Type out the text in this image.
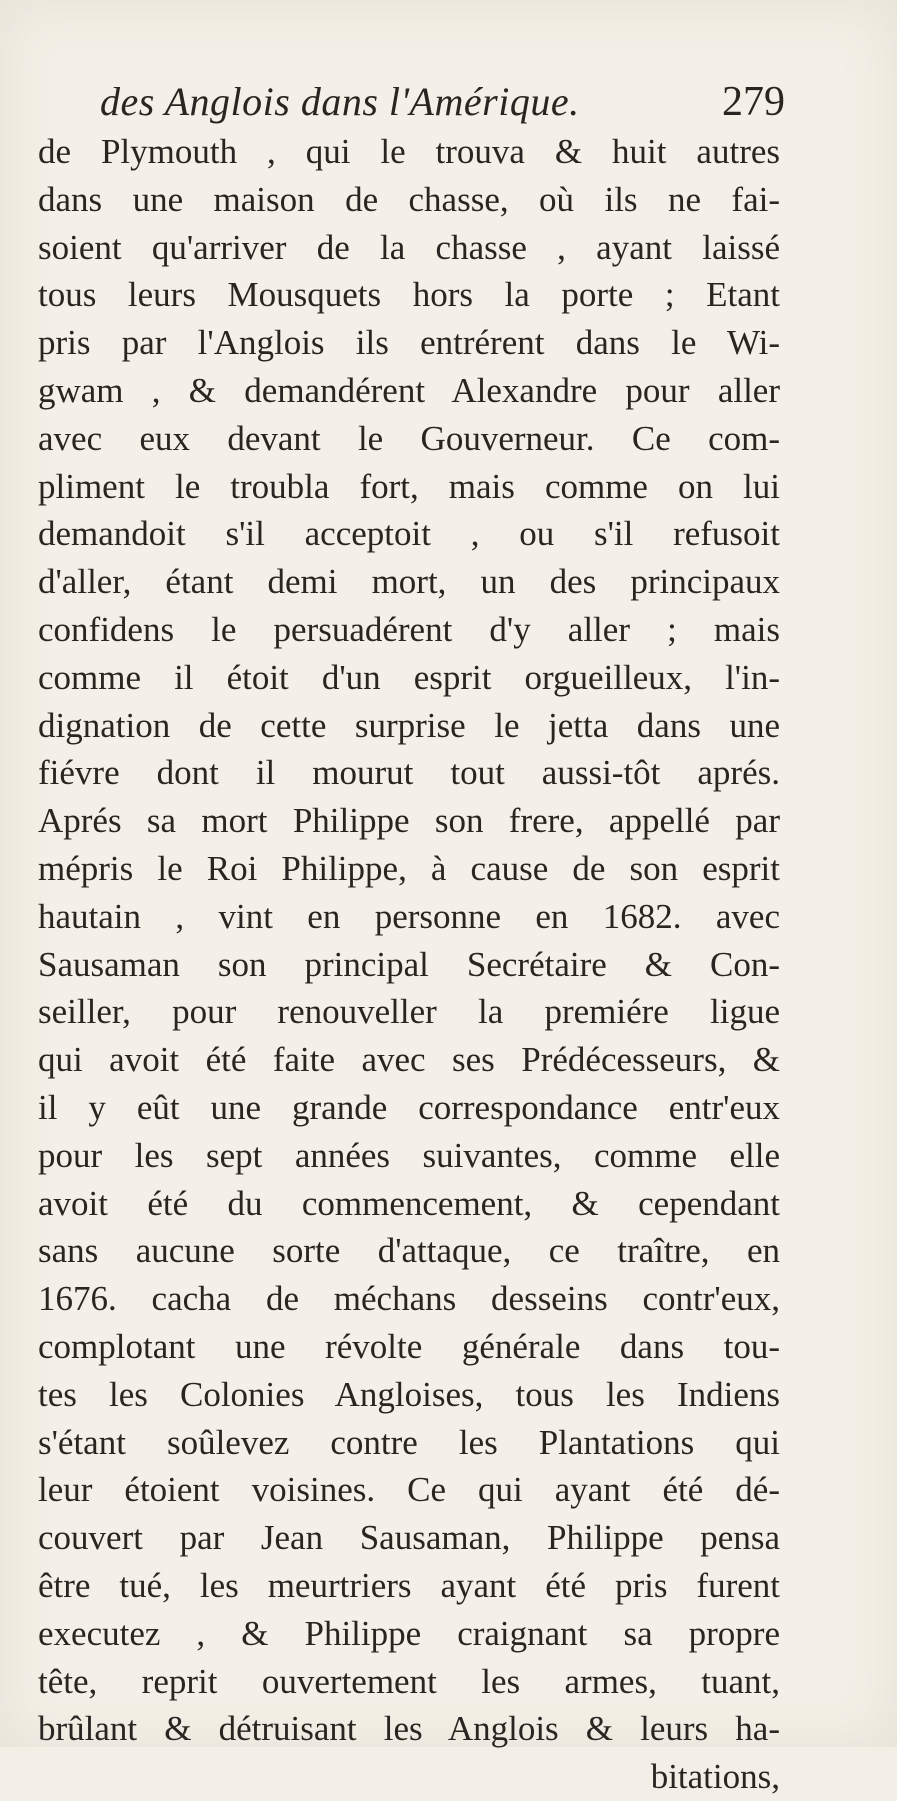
des Anglois dans l'Amérique.	279
de Plymouth , qui le trouva & huit autres
dans une maison de chasse, où ils ne fai-
soient qu'arriver de la chasse , ayant laissé
tous leurs Mousquets hors la porte ; Etant
pris par l'Anglois ils entrérent dans le Wi-
gwam , & demandérent Alexandre pour aller
avec eux devant le Gouverneur. Ce com-
pliment le troubla fort, mais comme on lui
demandoit s'il acceptoit , ou s'il refusoit
d'aller, étant demi mort, un des principaux
confidens le persuadérent d'y aller ; mais
comme il étoit d'un esprit orgueilleux, l'in-
dignation de cette surprise le jetta dans une
fiévre dont il mourut tout aussi-tôt aprés.
Aprés sa mort Philippe son frere, appellé par
mépris le Roi Philippe, à cause de son esprit
hautain , vint en personne en 1682. avec
Sausaman son principal Secrétaire & Con-
seiller, pour renouveller la premiére ligue
qui avoit été faite avec ses Prédécesseurs, &
il y eût une grande correspondance entr'eux
pour les sept années suivantes, comme elle
avoit été du commencement, & cependant
sans aucune sorte d'attaque, ce traître, en
1676. cacha de méchans desseins contr'eux,
complotant une révolte générale dans tou-
tes les Colonies Angloises, tous les Indiens
s'étant soûlevez contre les Plantations qui
leur étoient voisines. Ce qui ayant été dé-
couvert par Jean Sausaman, Philippe pensa
être tué, les meurtriers ayant été pris furent
executez , & Philippe craignant sa propre
tête, reprit ouvertement les armes, tuant,
brûlant & détruisant les Anglois & leurs ha-
bitations,
